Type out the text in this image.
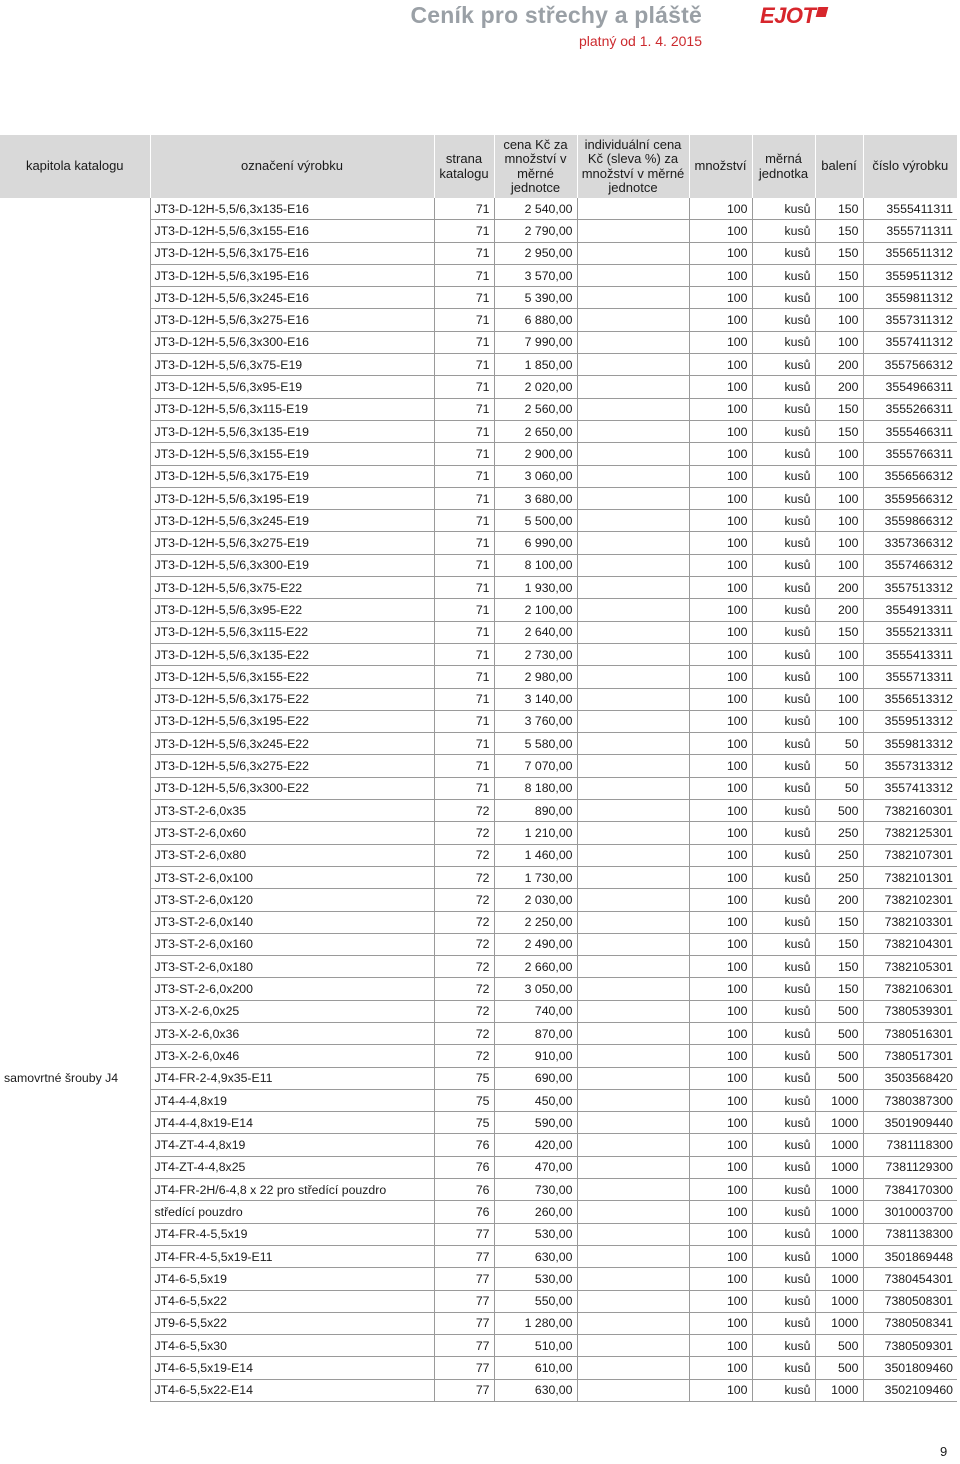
Ceník pro střechy a pláště
platný od 1. 4. 2015
EJOT
kapitola katalogu	označení výrobku	strana katalogu	cena Kč za množství v měrné jednotce	individuální cena Kč (sleva %) za množství v měrné jednotce	množství	měrná jednotka	balení	číslo výrobku
	JT3-D-12H-5,5/6,3x135-E16	71	2 540,00		100	kusů	150	3555411311
	JT3-D-12H-5,5/6,3x155-E16	71	2 790,00		100	kusů	150	3555711311
	JT3-D-12H-5,5/6,3x175-E16	71	2 950,00		100	kusů	150	3556511312
	JT3-D-12H-5,5/6,3x195-E16	71	3 570,00		100	kusů	150	3559511312
	JT3-D-12H-5,5/6,3x245-E16	71	5 390,00		100	kusů	100	3559811312
	JT3-D-12H-5,5/6,3x275-E16	71	6 880,00		100	kusů	100	3557311312
	JT3-D-12H-5,5/6,3x300-E16	71	7 990,00		100	kusů	100	3557411312
	JT3-D-12H-5,5/6,3x75-E19	71	1 850,00		100	kusů	200	3557566312
	JT3-D-12H-5,5/6,3x95-E19	71	2 020,00		100	kusů	200	3554966311
	JT3-D-12H-5,5/6,3x115-E19	71	2 560,00		100	kusů	150	3555266311
	JT3-D-12H-5,5/6,3x135-E19	71	2 650,00		100	kusů	150	3555466311
	JT3-D-12H-5,5/6,3x155-E19	71	2 900,00		100	kusů	100	3555766311
	JT3-D-12H-5,5/6,3x175-E19	71	3 060,00		100	kusů	100	3556566312
	JT3-D-12H-5,5/6,3x195-E19	71	3 680,00		100	kusů	100	3559566312
	JT3-D-12H-5,5/6,3x245-E19	71	5 500,00		100	kusů	100	3559866312
	JT3-D-12H-5,5/6,3x275-E19	71	6 990,00		100	kusů	100	3357366312
	JT3-D-12H-5,5/6,3x300-E19	71	8 100,00		100	kusů	100	3557466312
	JT3-D-12H-5,5/6,3x75-E22	71	1 930,00		100	kusů	200	3557513312
	JT3-D-12H-5,5/6,3x95-E22	71	2 100,00		100	kusů	200	3554913311
	JT3-D-12H-5,5/6,3x115-E22	71	2 640,00		100	kusů	150	3555213311
	JT3-D-12H-5,5/6,3x135-E22	71	2 730,00		100	kusů	100	3555413311
	JT3-D-12H-5,5/6,3x155-E22	71	2 980,00		100	kusů	100	3555713311
	JT3-D-12H-5,5/6,3x175-E22	71	3 140,00		100	kusů	100	3556513312
	JT3-D-12H-5,5/6,3x195-E22	71	3 760,00		100	kusů	100	3559513312
	JT3-D-12H-5,5/6,3x245-E22	71	5 580,00		100	kusů	50	3559813312
	JT3-D-12H-5,5/6,3x275-E22	71	7 070,00		100	kusů	50	3557313312
	JT3-D-12H-5,5/6,3x300-E22	71	8 180,00		100	kusů	50	3557413312
	JT3-ST-2-6,0x35	72	890,00		100	kusů	500	7382160301
	JT3-ST-2-6,0x60	72	1 210,00		100	kusů	250	7382125301
	JT3-ST-2-6,0x80	72	1 460,00		100	kusů	250	7382107301
	JT3-ST-2-6,0x100	72	1 730,00		100	kusů	250	7382101301
	JT3-ST-2-6,0x120	72	2 030,00		100	kusů	200	7382102301
	JT3-ST-2-6,0x140	72	2 250,00		100	kusů	150	7382103301
	JT3-ST-2-6,0x160	72	2 490,00		100	kusů	150	7382104301
	JT3-ST-2-6,0x180	72	2 660,00		100	kusů	150	7382105301
	JT3-ST-2-6,0x200	72	3 050,00		100	kusů	150	7382106301
	JT3-X-2-6,0x25	72	740,00		100	kusů	500	7380539301
	JT3-X-2-6,0x36	72	870,00		100	kusů	500	7380516301
	JT3-X-2-6,0x46	72	910,00		100	kusů	500	7380517301
samovrtné šrouby J4	JT4-FR-2-4,9x35-E11	75	690,00		100	kusů	500	3503568420
	JT4-4-4,8x19	75	450,00		100	kusů	1000	7380387300
	JT4-4-4,8x19-E14	75	590,00		100	kusů	1000	3501909440
	JT4-ZT-4-4,8x19	76	420,00		100	kusů	1000	7381118300
	JT4-ZT-4-4,8x25	76	470,00		100	kusů	1000	7381129300
	JT4-FR-2H/6-4,8 x 22 pro středící pouzdro	76	730,00		100	kusů	1000	7384170300
	středící pouzdro	76	260,00		100	kusů	1000	3010003700
	JT4-FR-4-5,5x19	77	530,00		100	kusů	1000	7381138300
	JT4-FR-4-5,5x19-E11	77	630,00		100	kusů	1000	3501869448
	JT4-6-5,5x19	77	530,00		100	kusů	1000	7380454301
	JT4-6-5,5x22	77	550,00		100	kusů	1000	7380508301
	JT9-6-5,5x22	77	1 280,00		100	kusů	1000	7380508341
	JT4-6-5,5x30	77	510,00		100	kusů	500	7380509301
	JT4-6-5,5x19-E14	77	610,00		100	kusů	500	3501809460
	JT4-6-5,5x22-E14	77	630,00		100	kusů	1000	3502109460
9
